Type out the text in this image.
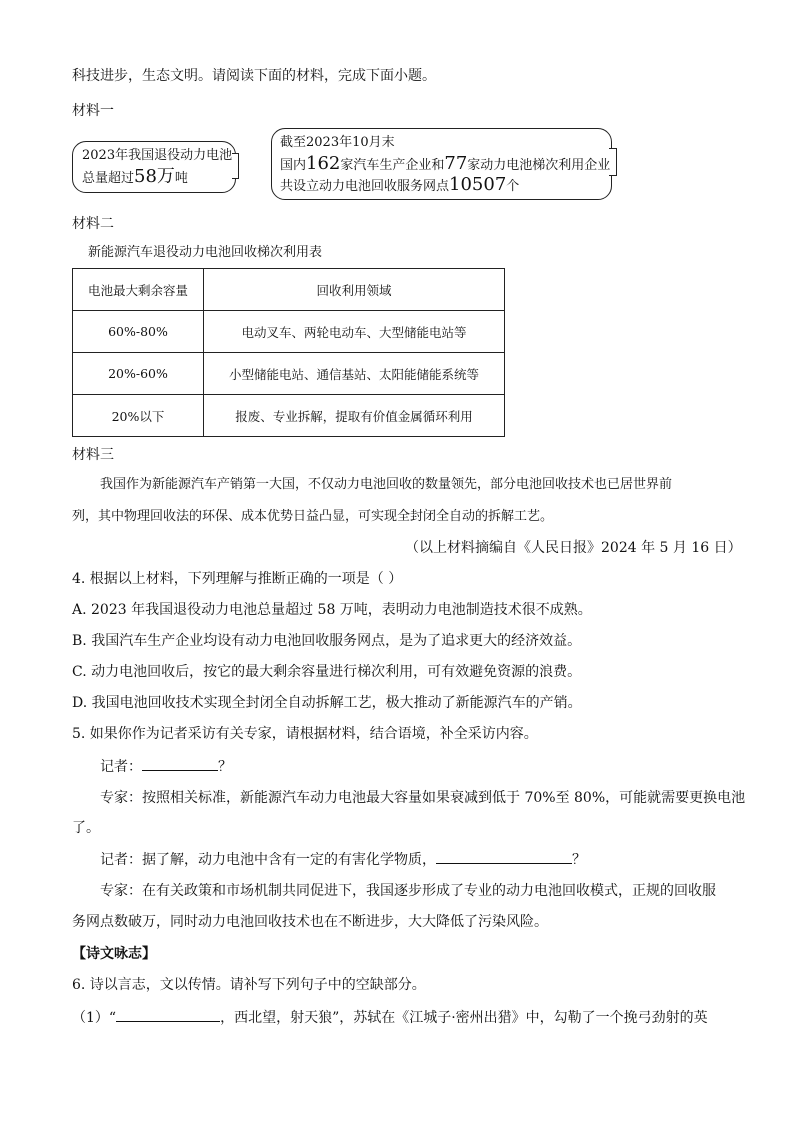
科技进步，生态文明。请阅读下面的材料，完成下面小题。
材料一
2023年我国退役动力电池
总量超过58万吨
截至2023年10月末
国内162家汽车生产企业和77家动力电池梯次利用企业
共设立动力电池回收服务网点10507个
材料二
新能源汽车退役动力电池回收梯次利用表
电池最大剩余容量	回收利用领域
60%-80%	电动叉车、两轮电动车、大型储能电站等
20%-60%	小型储能电站、通信基站、太阳能储能系统等
20%以下	报废、专业拆解，提取有价值金属循环利用
材料三
我国作为新能源汽车产销第一大国，不仅动力电池回收的数量领先，部分电池回收技术也已居世界前
列，其中物理回收法的环保、成本优势日益凸显，可实现全封闭全自动的拆解工艺。
（以上材料摘编自《人民日报》2024 年 5 月 16 日）
4. 根据以上材料，下列理解与推断正确的一项是（ ）
A. 2023 年我国退役动力电池总量超过 58 万吨，表明动力电池制造技术很不成熟。
B. 我国汽车生产企业均设有动力电池回收服务网点，是为了追求更大的经济效益。
C. 动力电池回收后，按它的最大剩余容量进行梯次利用，可有效避免资源的浪费。
D. 我国电池回收技术实现全封闭全自动拆解工艺，极大推动了新能源汽车的产销。
5. 如果你作为记者采访有关专家，请根据材料，结合语境，补全采访内容。
记者：	？
专家：按照相关标准，新能源汽车动力电池最大容量如果衰减到低于 70%至 80%，可能就需要更换电池
了。
记者：据了解，动力电池中含有一定的有害化学物质，	？
专家：在有关政策和市场机制共同促进下，我国逐步形成了专业的动力电池回收模式，正规的回收服
务网点数破万，同时动力电池回收技术也在不断进步，大大降低了污染风险。
【诗文咏志】
6. 诗以言志，文以传情。请补写下列句子中的空缺部分。
（1）“	，西北望，射天狼”，苏轼在《江城子·密州出猎》中，勾勒了一个挽弓劲射的英
